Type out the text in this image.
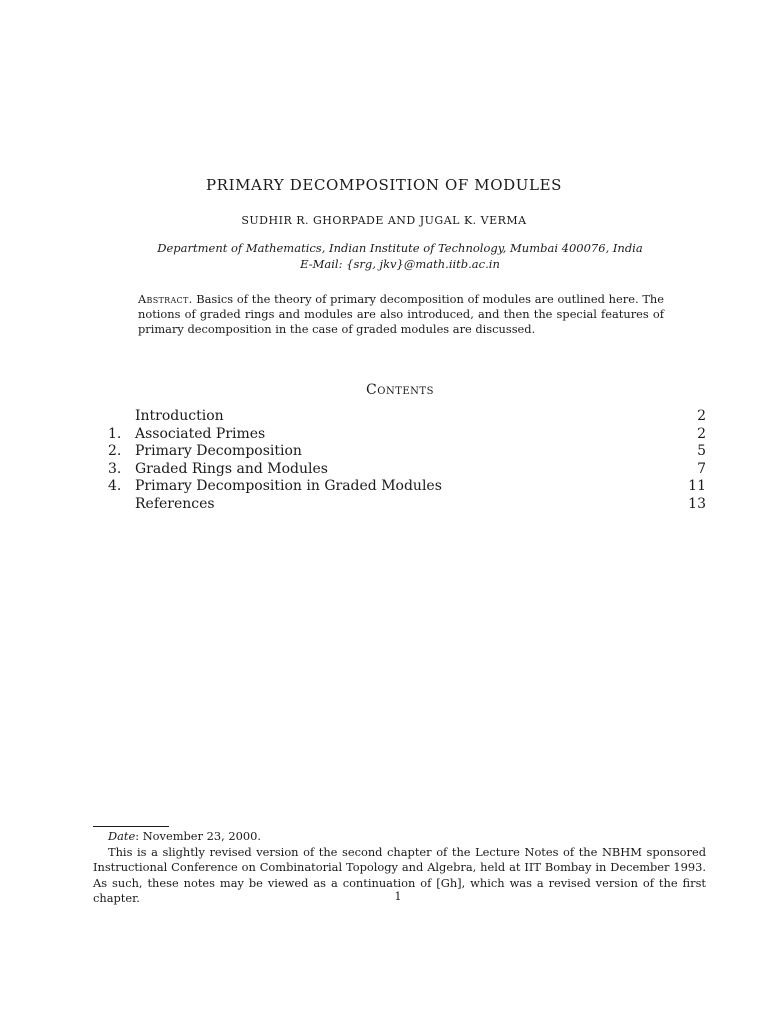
PRIMARY DECOMPOSITION OF MODULES
SUDHIR R. GHORPADE AND JUGAL K. VERMA
Department of Mathematics, Indian Institute of Technology, Mumbai 400076, India
E-Mail: {srg, jkv}@math.iitb.ac.in
Abstract. Basics of the theory of primary decomposition of modules are outlined here. The notions of graded rings and modules are also introduced, and then the special features of primary decomposition in the case of graded modules are discussed.
Contents
Introduction	2
1. Associated Primes	2
2. Primary Decomposition	5
3. Graded Rings and Modules	7
4. Primary Decomposition in Graded Modules	11
References	13

Date: November 23, 2000.

This is a slightly revised version of the second chapter of the Lecture Notes of the NBHM sponsored Instructional Conference on Combinatorial Topology and Algebra, held at IIT Bombay in December 1993. As such, these notes may be viewed as a continuation of [Gh], which was a revised version of the first chapter.	1
